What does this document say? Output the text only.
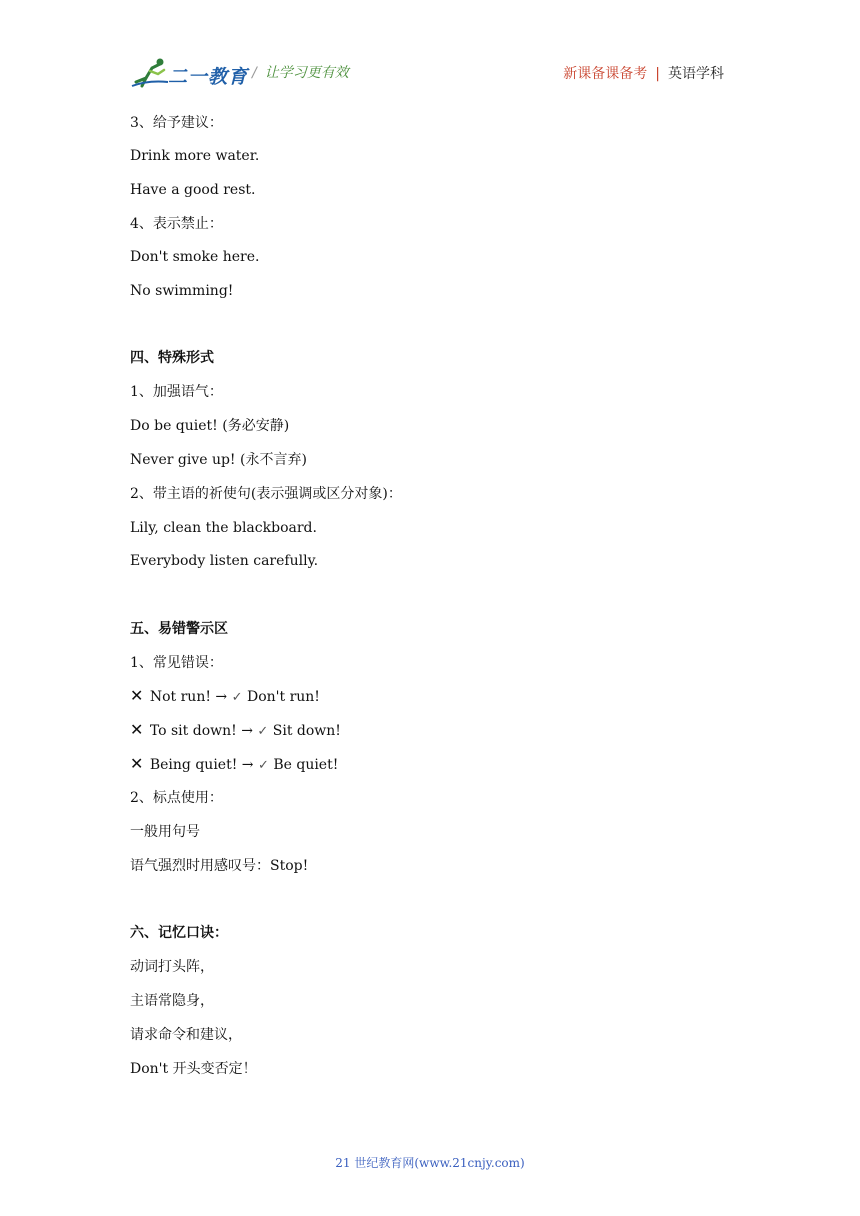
二一教育 / 让学习更有效	新课备课备考 | 英语学科
3、给予建议：
Drink more water.
Have a good rest.
4、表示禁止：
Don't smoke here.
No swimming!
四、特殊形式
1、加强语气：
Do be quiet! (务必安静)
Never give up! (永不言弃)
2、带主语的祈使句(表示强调或区分对象)：
Lily, clean the blackboard.
Everybody listen carefully.
五、易错警示区
1、常见错误：
✕ Not run! → ✓ Don't run!
✕ To sit down! → ✓ Sit down!
✕ Being quiet! → ✓ Be quiet!
2、标点使用：
一般用句号
语气强烈时用感叹号：Stop!
六、记忆口诀：
动词打头阵，
主语常隐身，
请求命令和建议，
Don't 开头变否定！
21 世纪教育网(www.21cnjy.com)
